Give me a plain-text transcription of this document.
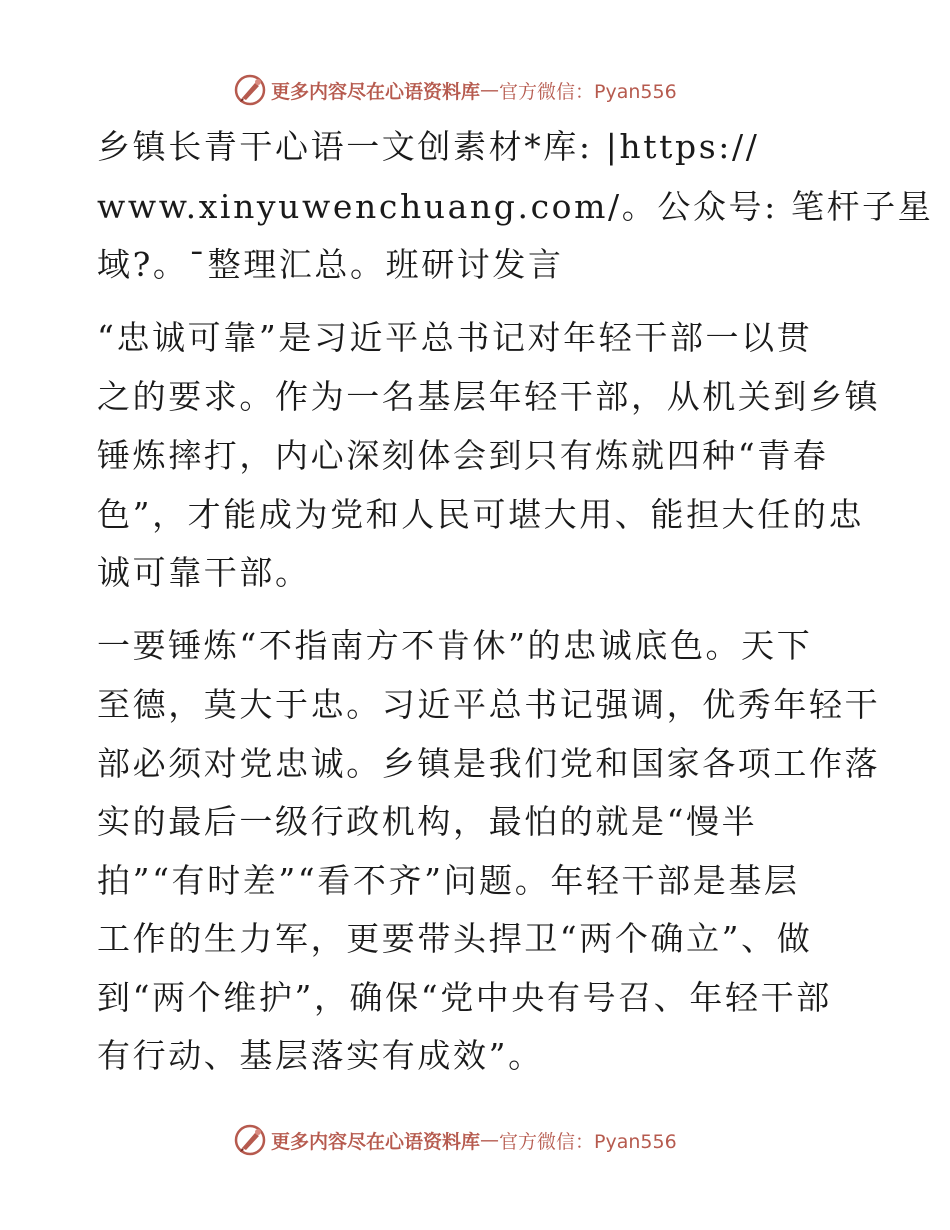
更多内容尽在心语资料库 — 官方微信：Pyan556
乡镇长青干心语一文创素材*库: |https://
www.xinyuwenchuang.com/。公众号: 笔杆子星
域?。¯整理汇总。班研讨发言
“忠诚可靠”是习近平总书记对年轻干部一以贯
之的要求。作为一名基层年轻干部，从机关到乡镇
锤炼摔打，内心深刻体会到只有炼就四种“青春
色”，才能成为党和人民可堪大用、能担大任的忠
诚可靠干部。
一要锤炼“不指南方不肯休”的忠诚底色。天下
至德，莫大于忠。习近平总书记强调，优秀年轻干
部必须对党忠诚。乡镇是我们党和国家各项工作落
实的最后一级行政机构，最怕的就是“慢半
拍”“有时差”“看不齐”问题。年轻干部是基层
工作的生力军，更要带头捍卫“两个确立”、做
到“两个维护”，确保“党中央有号召、年轻干部
有行动、基层落实有成效”。
更多内容尽在心语资料库 — 官方微信：Pyan556
